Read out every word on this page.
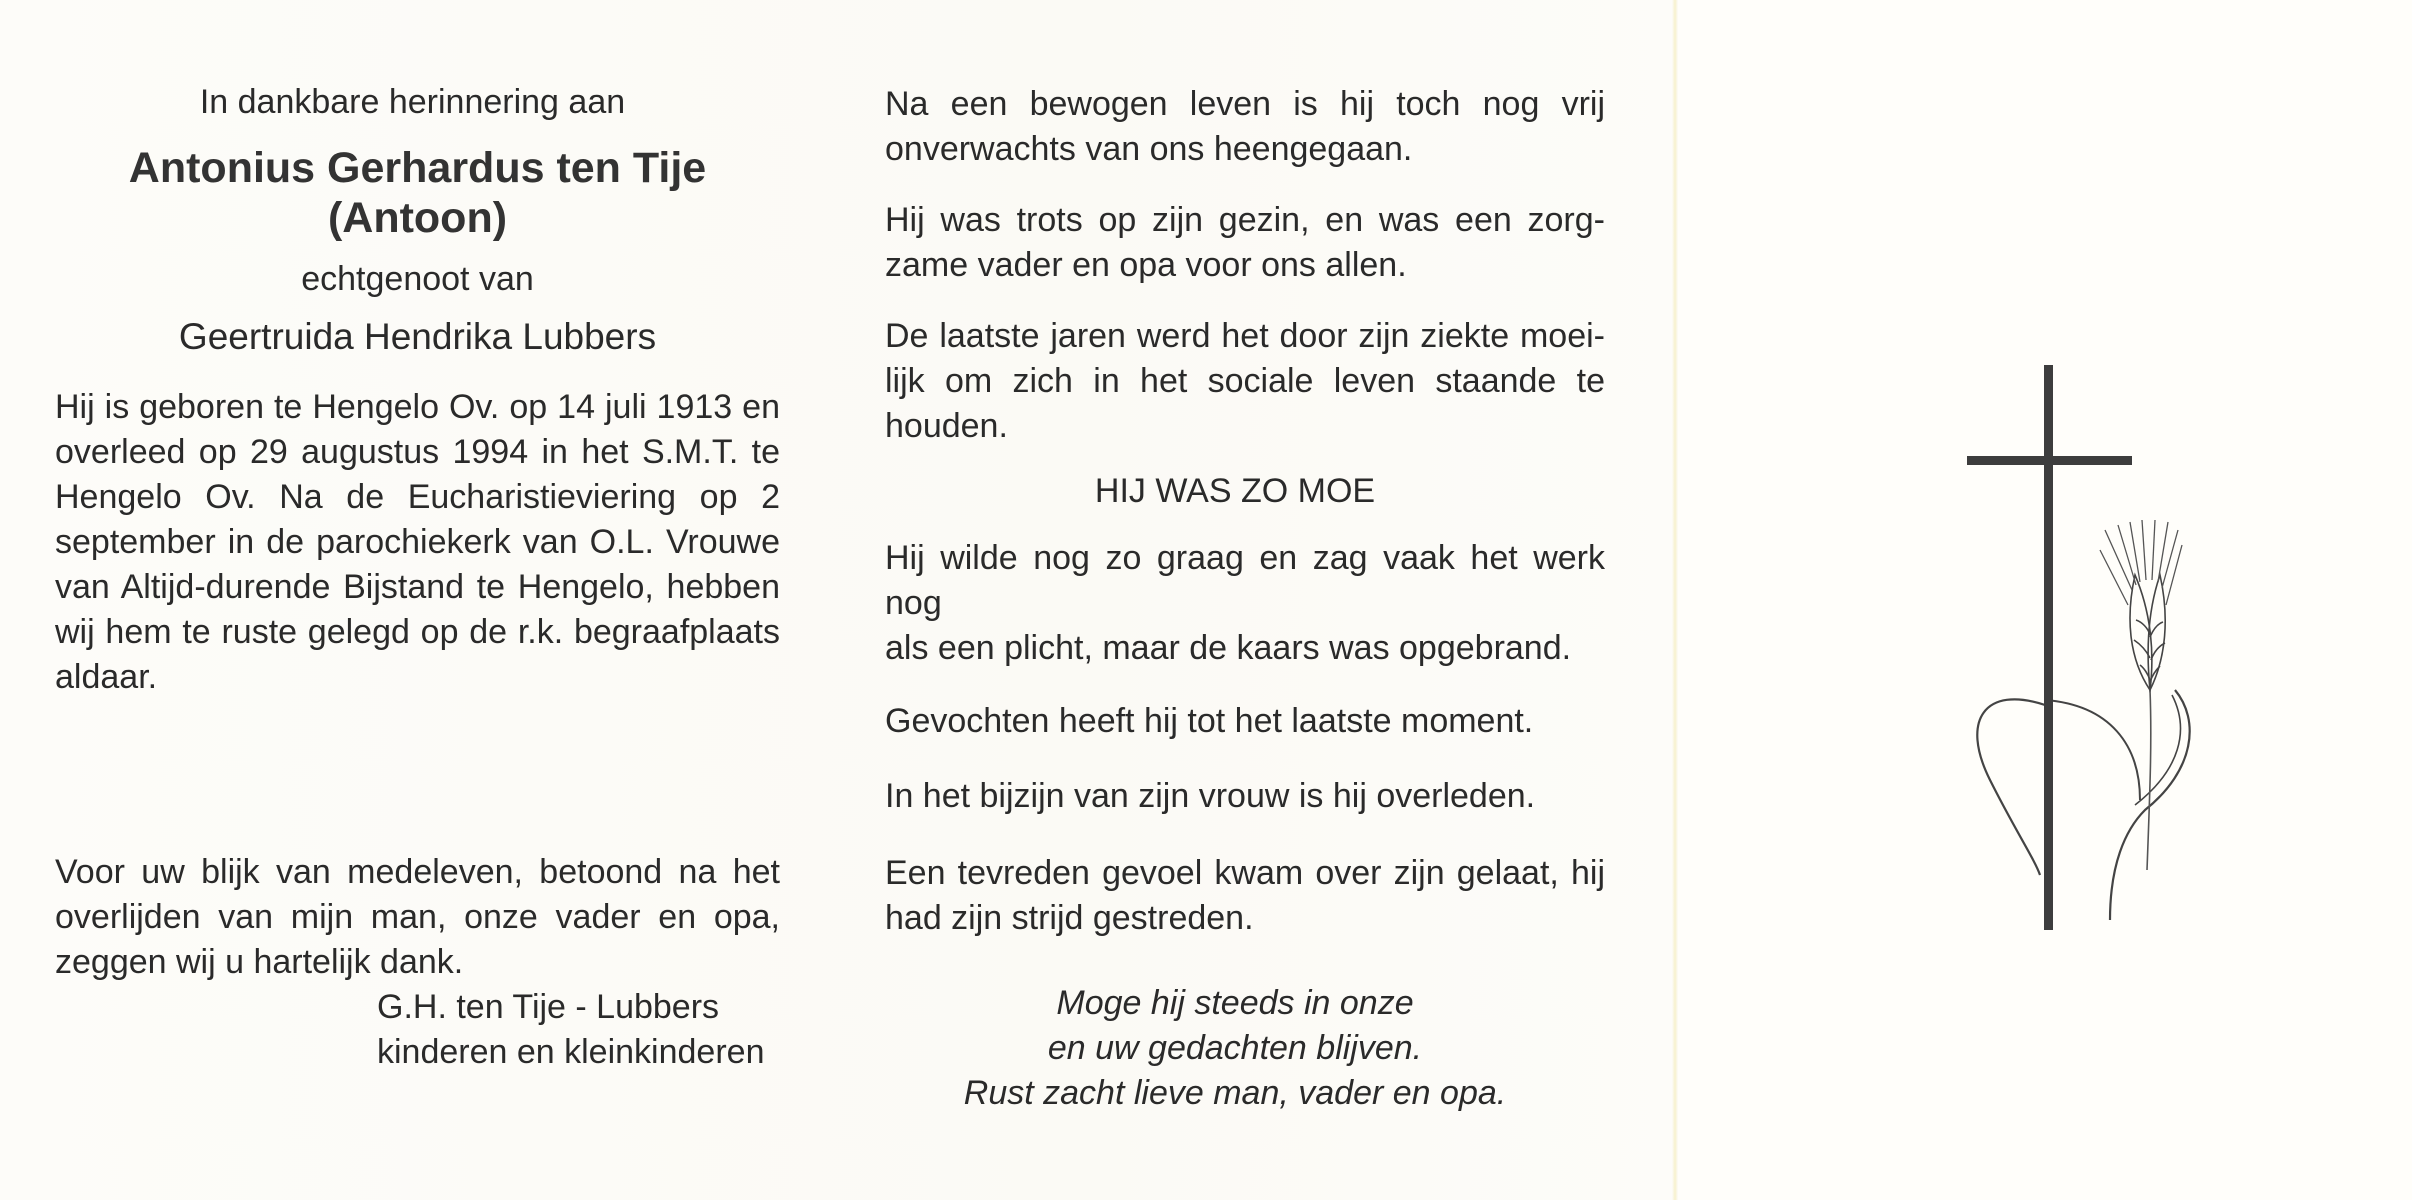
In dankbare herinnering aan
Antonius Gerhardus ten Tije
(Antoon)
echtgenoot van
Geertruida Hendrika Lubbers
Hij is geboren te Hengelo Ov. op 14 juli 1913 en
overleed op 29 augustus 1994 in het S.M.T. te
Hengelo Ov. Na de Eucharistieviering op 2
september in de parochiekerk van O.L. Vrouwe
van Altijd-durende Bijstand te Hengelo, hebben
wij hem te ruste gelegd op de r.k. begraafplaats
aldaar.
Voor uw blijk van medeleven, betoond na het
overlijden van mijn man, onze vader en opa,
zeggen wij u hartelijk dank.
G.H. ten Tije - Lubbers
kinderen en kleinkinderen
Na een bewogen leven is hij toch nog vrij
onverwachts van ons heengegaan.
Hij was trots op zijn gezin, en was een zorg-
zame vader en opa voor ons allen.
De laatste jaren werd het door zijn ziekte moei-
lijk om zich in het sociale leven staande te
houden.
HIJ WAS ZO MOE
Hij wilde nog zo graag en zag vaak het werk nog
als een plicht, maar de kaars was opgebrand.
Gevochten heeft hij tot het laatste moment.
In het bijzijn van zijn vrouw is hij overleden.
Een tevreden gevoel kwam over zijn gelaat, hij
had zijn strijd gestreden.
Moge hij steeds in onze
en uw gedachten blijven.
Rust zacht lieve man, vader en opa.
